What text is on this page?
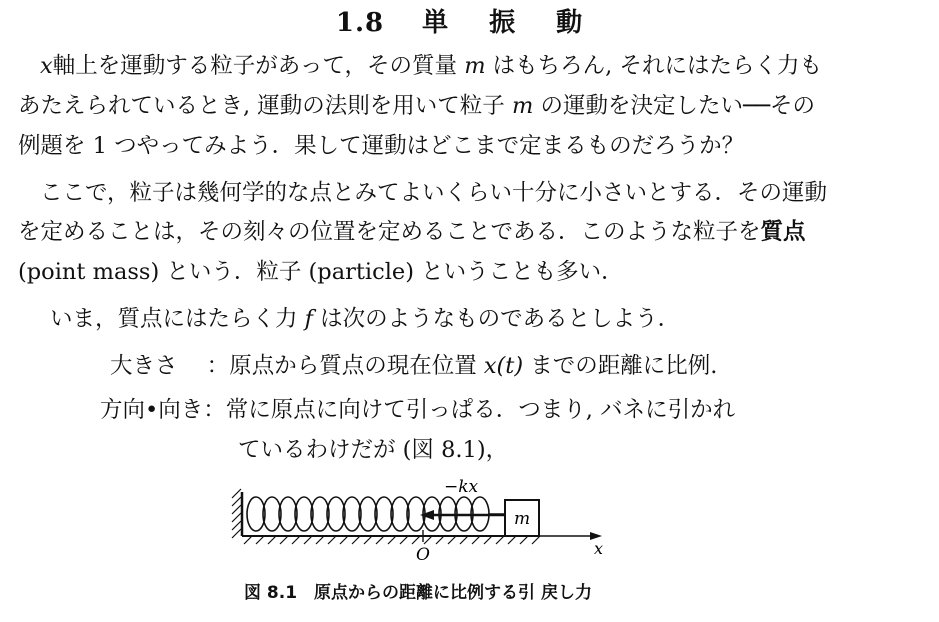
1.8 単 振 動
x軸上を運動する粒子があって，その質量 m はもちろん, それにはたらく力も
あたえられているとき, 運動の法則を用いて粒子 m の運動を決定したい──その
例題を 1 つやってみよう．果して運動はどこまで定まるものだろうか？
ここで，粒子は幾何学的な点とみてよいくらい十分に小さいとする．その運動
を定めることは，その刻々の位置を定めることである．このような粒子を質点
(point mass) という．粒子 (particle) ということも多い．
いま，質点にはたらく力 f は次のようなものであるとしよう．
大きさ ：原点から質点の現在位置 x(t) までの距離に比例.
方向•向き：常に原点に向けて引っぱる．つまり, バネに引かれ
ているわけだが (図 8.1)，
−kx
m
O	x
図 8.1　原点からの距離に比例する引 戻し力
